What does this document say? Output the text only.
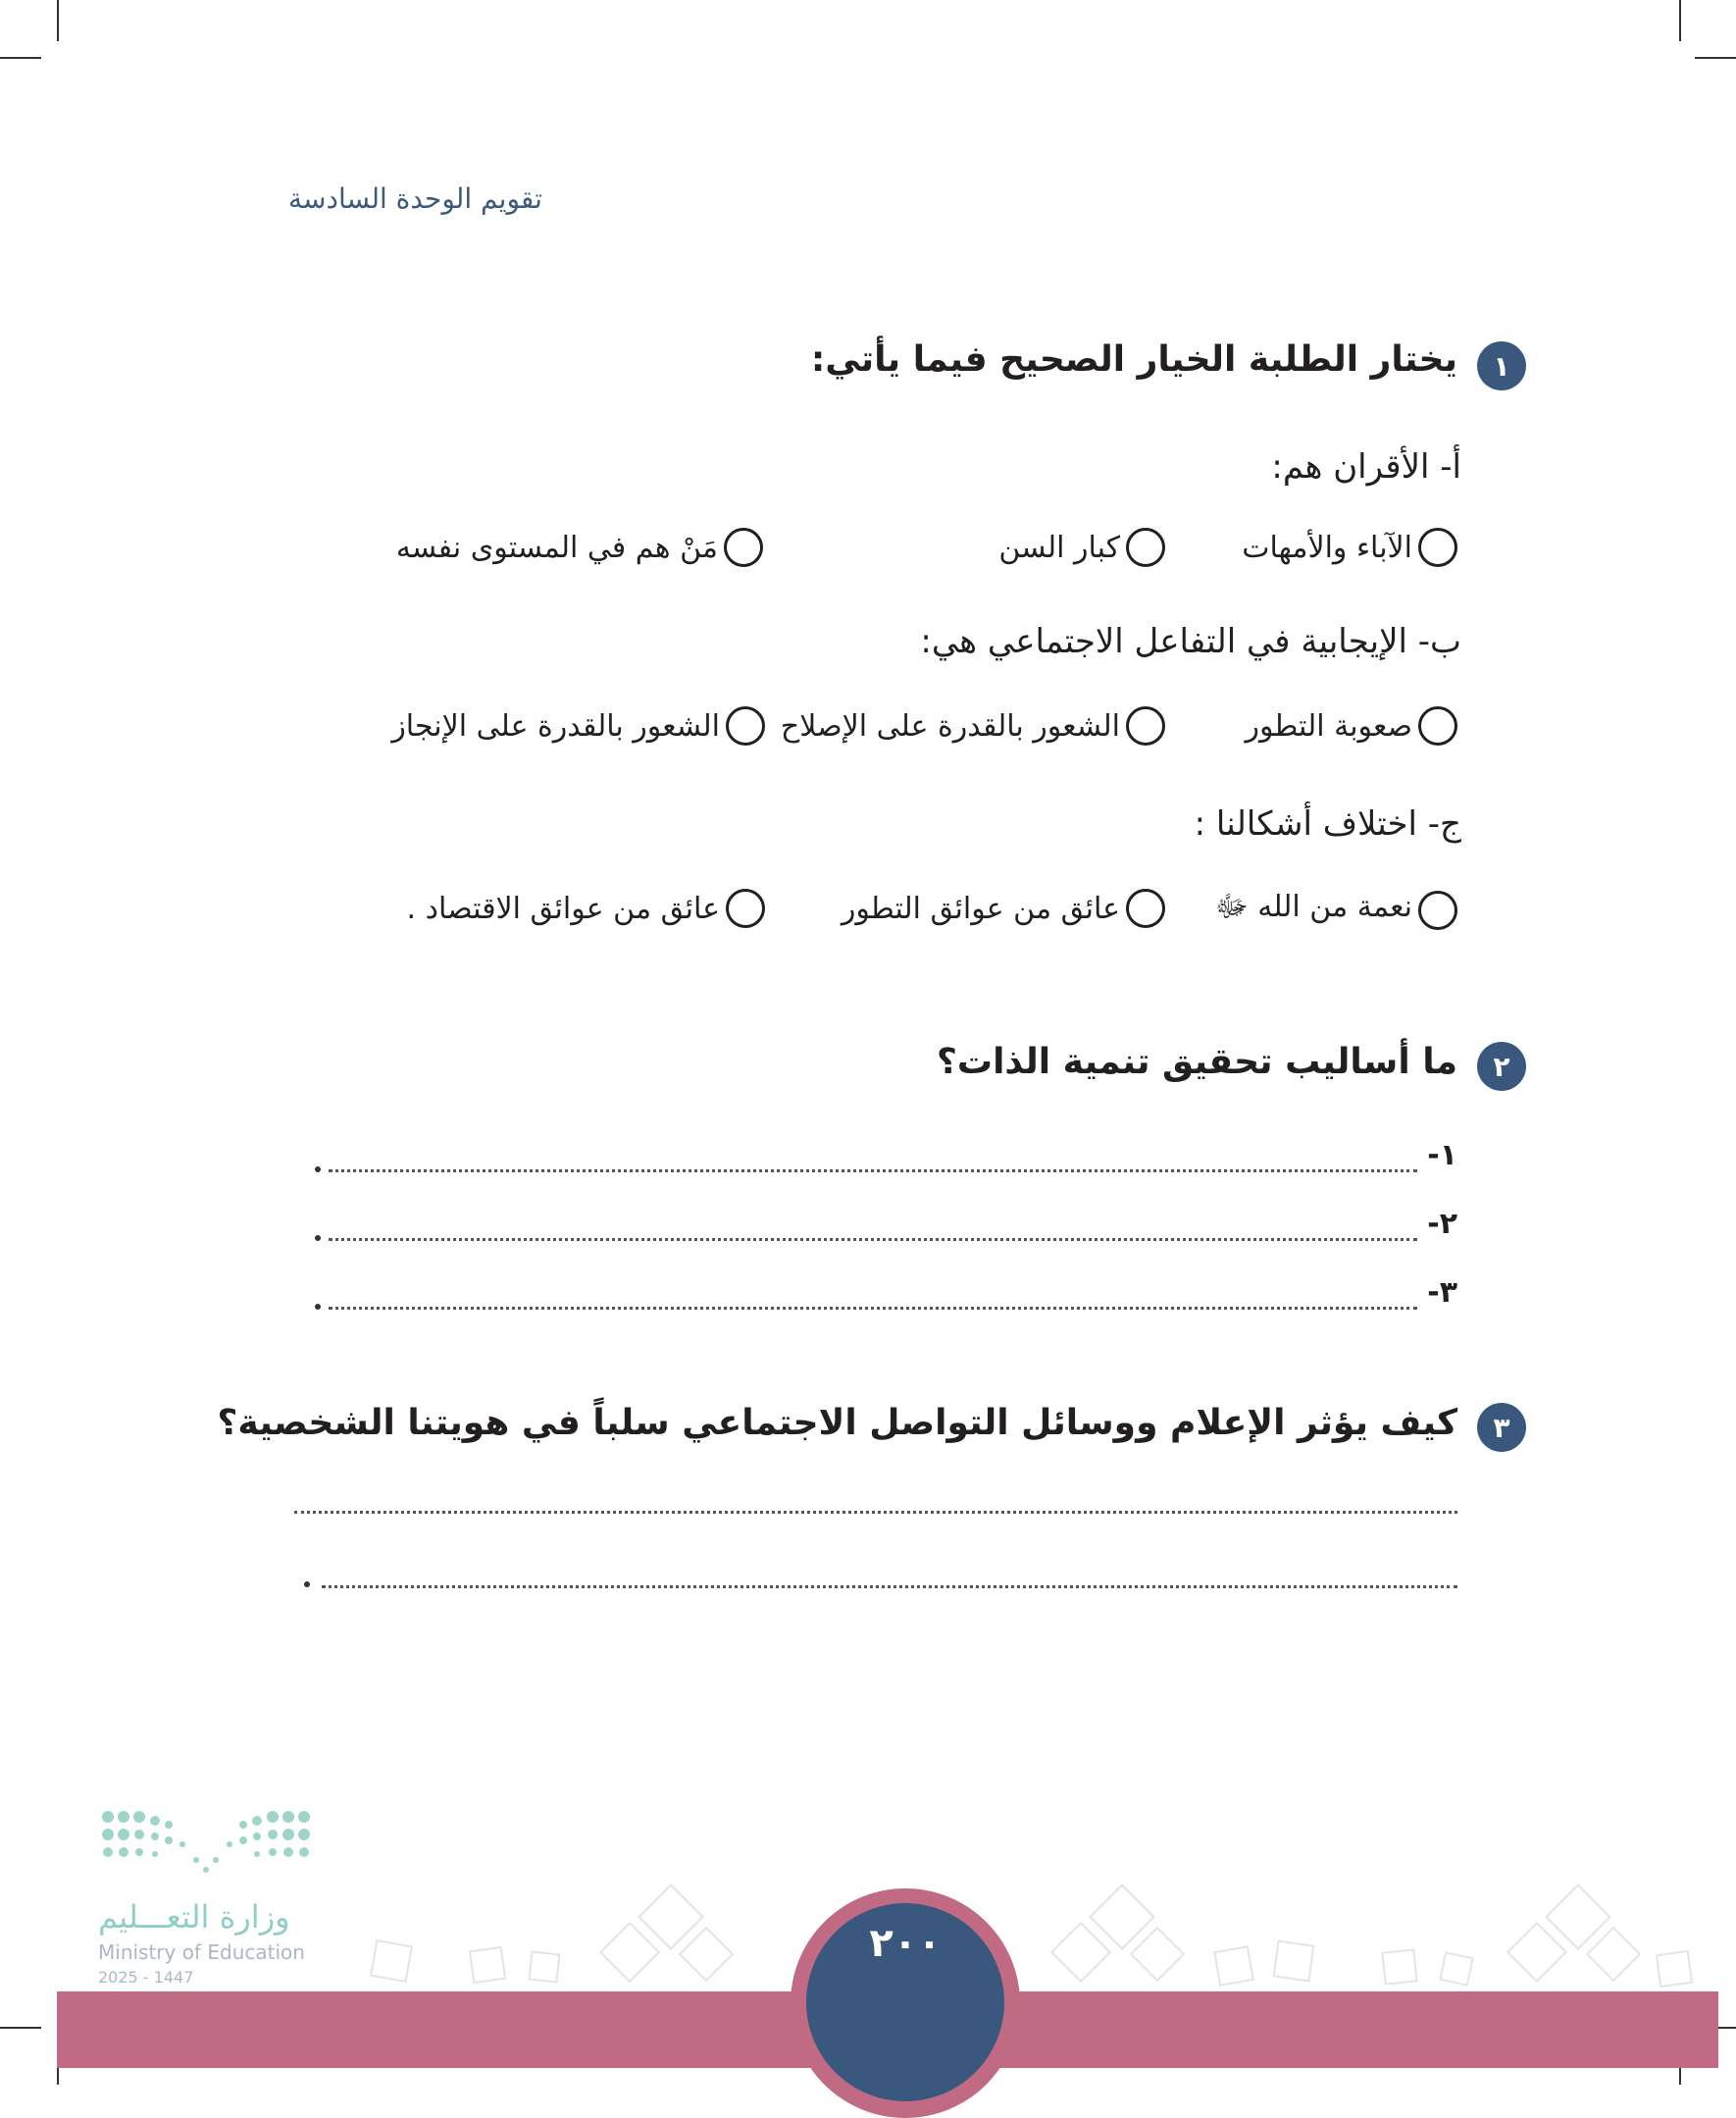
تقويم الوحدة السادسة
١
يختار الطلبة الخيار الصحيح فيما يأتي:
أ- الأقران هم:
الآباء والأمهات
كبار السن
مَنْ هم في المستوى نفسه
ب- الإيجابية في التفاعل الاجتماعي هي:
صعوبة التطور
الشعور بالقدرة على الإصلاح
الشعور بالقدرة على الإنجاز
ج- اختلاف أشكالنا :
نعمة من الله ﷻ
عائق من عوائق التطور
عائق من عوائق الاقتصاد .
٢
ما أساليب تحقيق تنمية الذات؟
١-
٢-
٣-
٣
كيف يؤثر الإعلام ووسائل التواصل الاجتماعي سلباً في هويتنا الشخصية؟
٢٠٠
وزارة التعـــليم
Ministry of Education
2025 - 1447
